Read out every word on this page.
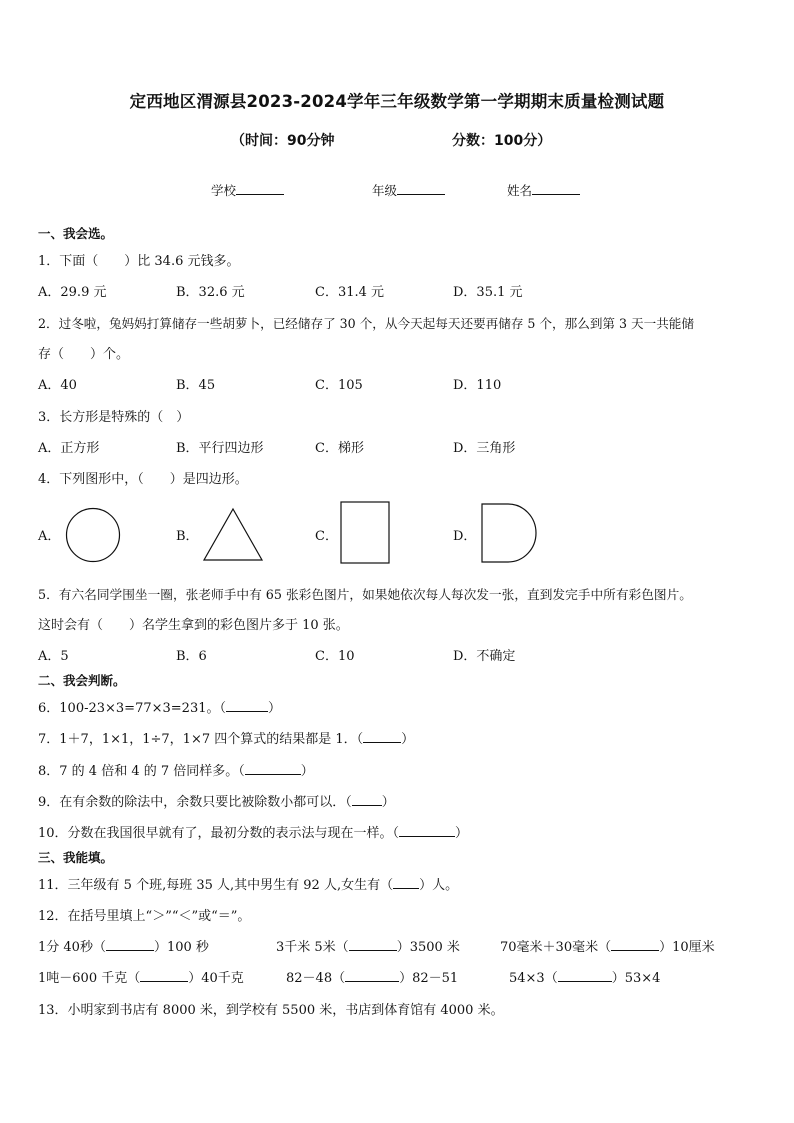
定西地区渭源县2023-2024学年三年级数学第一学期期末质量检测试题
（时间：90分钟	分数：100分）
学校	年级	姓名
一、我会选。
1．下面（　　）比 34.6 元钱多。
A．29.9 元	B．32.6 元	C．31.4 元	D．35.1 元
2．过冬啦，兔妈妈打算储存一些胡萝卜，已经储存了 30 个，从今天起每天还要再储存 5 个，那么到第 3 天一共能储
存（　　）个。
A．40	B．45	C．105	D．110
3．长方形是特殊的（　）
A．正方形	B．平行四边形	C．梯形	D．三角形
4．下列图形中，（　　）是四边形。
A．	B．	C．	D．
5．有六名同学围坐一圈，张老师手中有 65 张彩色图片，如果她依次每人每次发一张，直到发完手中所有彩色图片。
这时会有（　　）名学生拿到的彩色图片多于 10 张。
A．5	B．6	C．10	D．不确定
二、我会判断。
6．100-23×3=77×3=231。（	）
7．1＋7，1×1，1÷7，1×7 四个算式的结果都是 1．（	）
8．7 的 4 倍和 4 的 7 倍同样多。（	）
9．在有余数的除法中，余数只要比被除数小都可以．（ ）
10．分数在我国很早就有了，最初分数的表示法与现在一样。（	）
三、我能填。
11．三年级有 5 个班,每班 35 人,其中男生有 92 人,女生有（ ）人。
12．在括号里填上“＞”“＜”或“＝”。
1分 40秒（	）100 秒	3千米 5米（	）3500 米	70毫米＋30毫米（	）10厘米
1吨－600 千克（	）40千克	82－48（	）82－51	54×3（	）53×4
13．小明家到书店有 8000 米，到学校有 5500 米，书店到体育馆有 4000 米。
